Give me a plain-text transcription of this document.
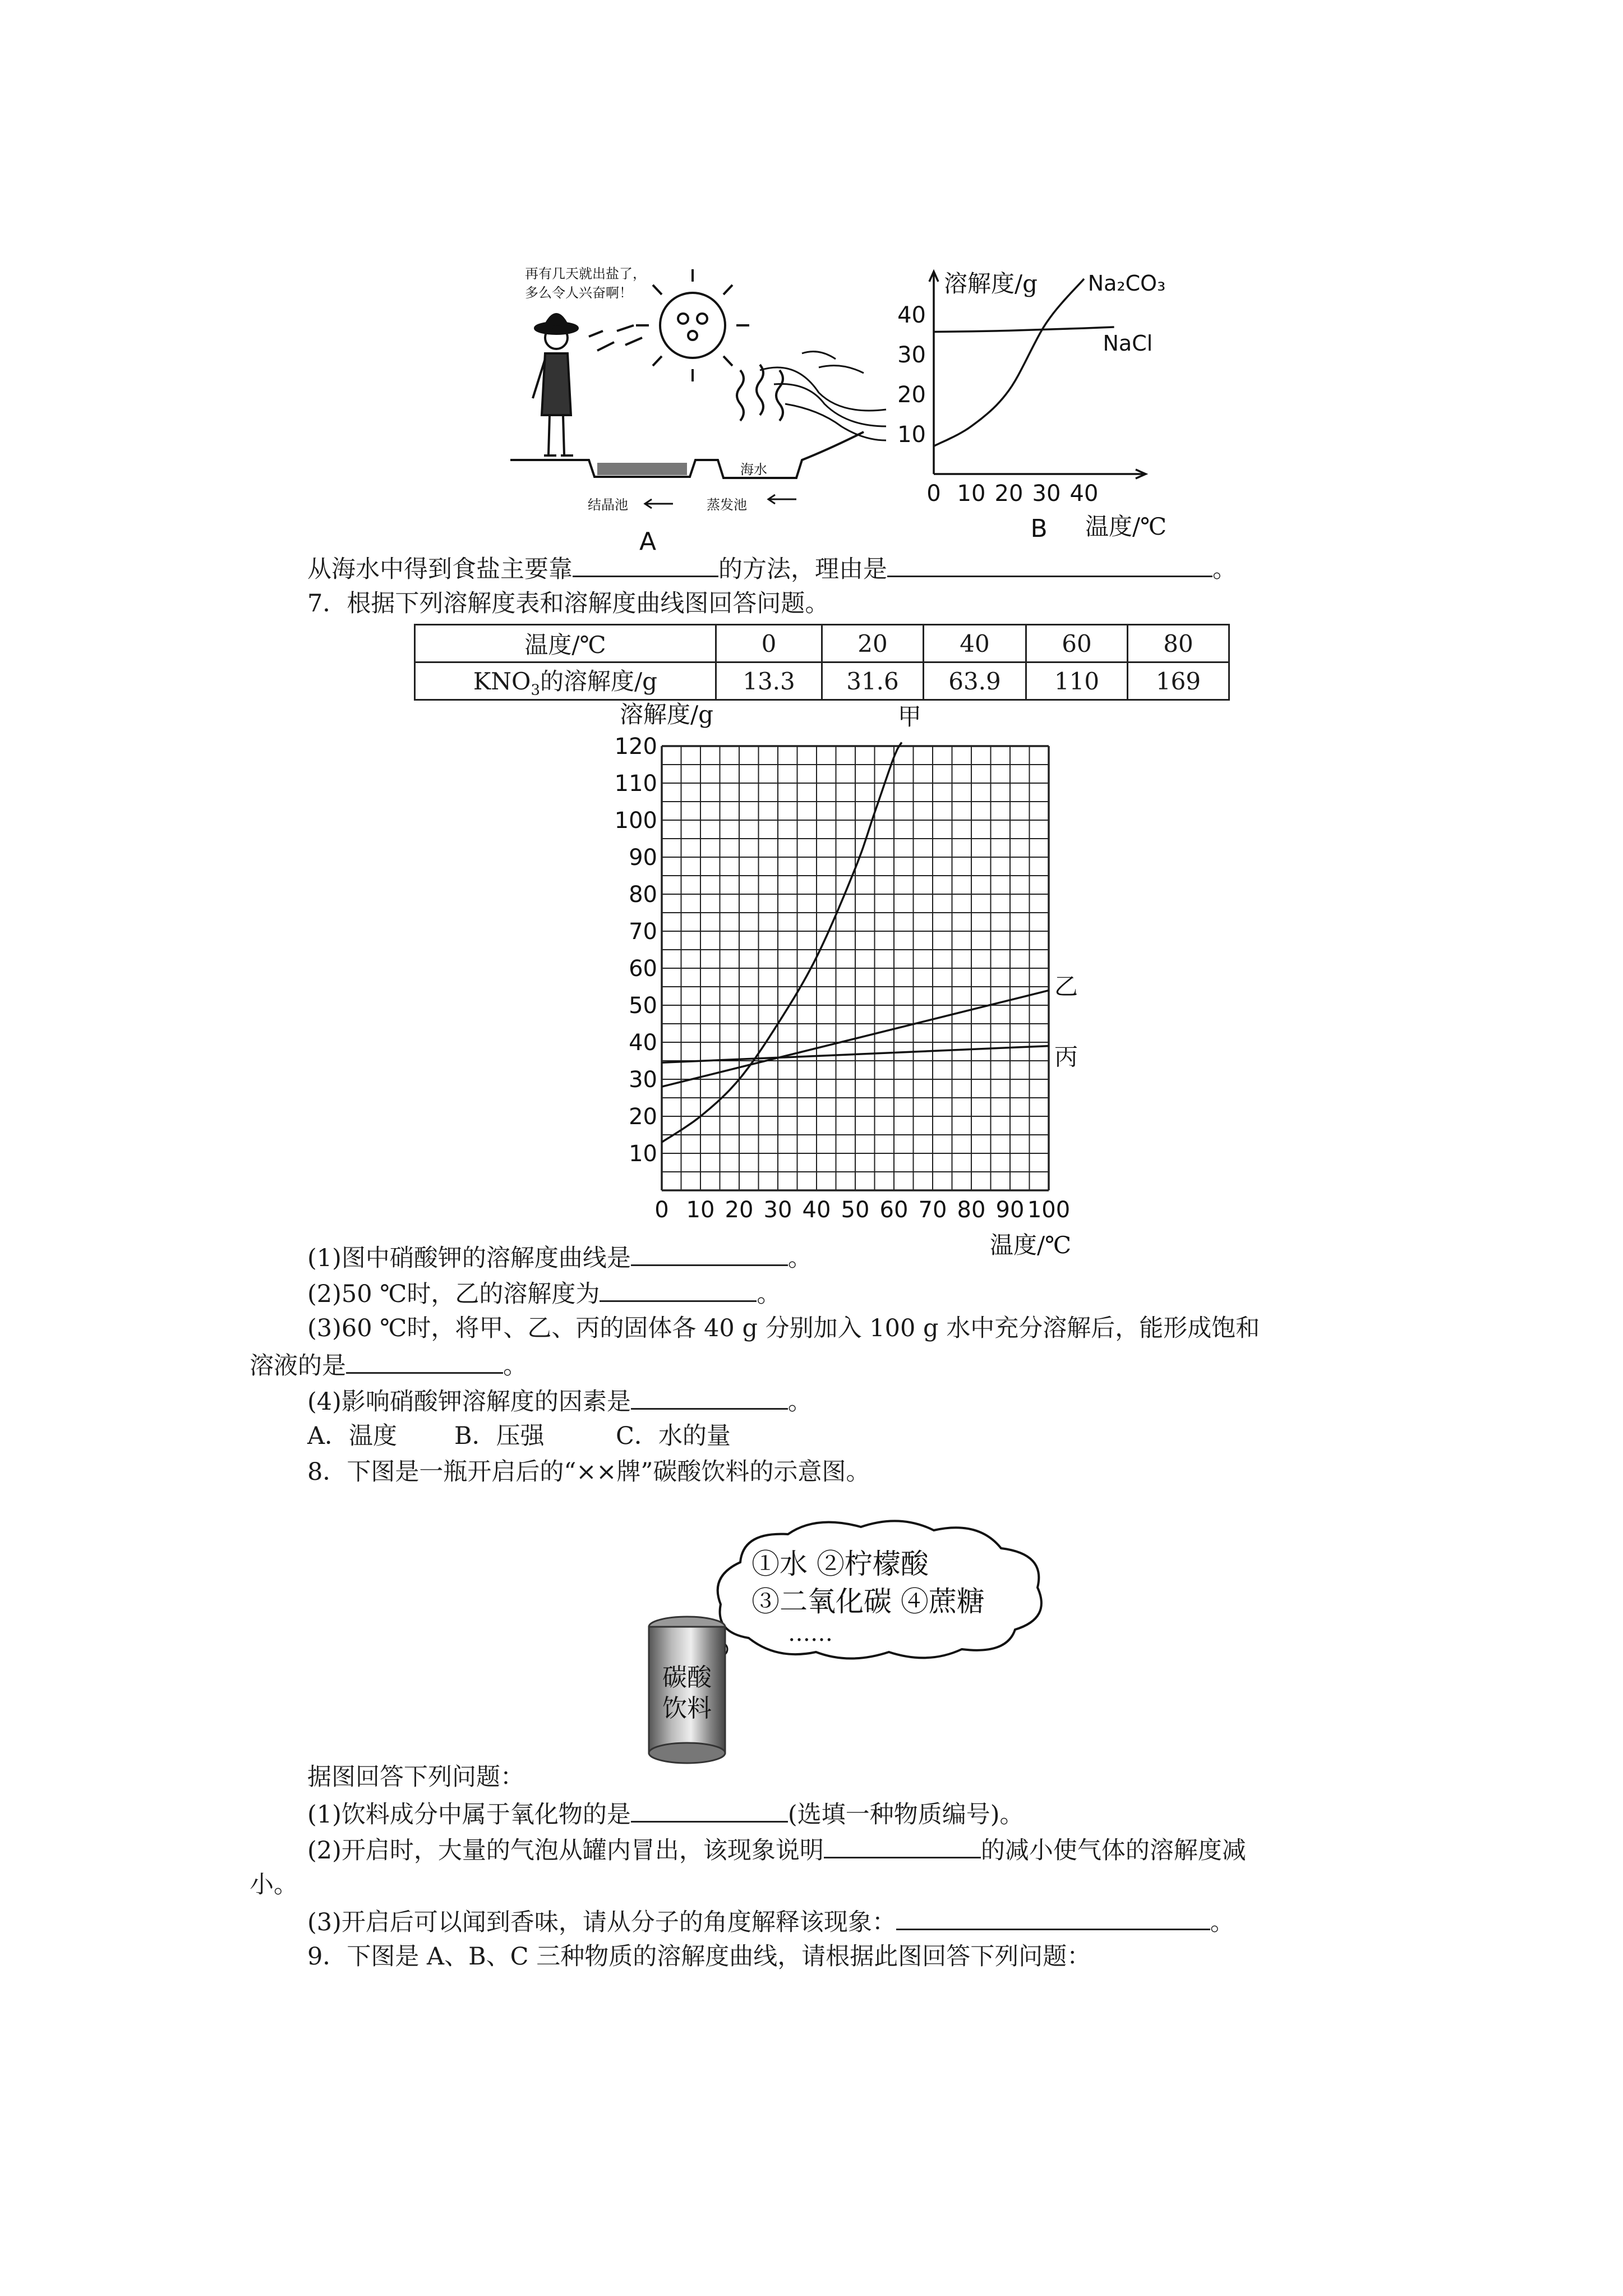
再有几天就出盐了，
多么令人兴奋啊！
海水
结晶池	蒸发池
A
0 10 20 30 40
10
20
30
40
溶解度/g
温度/℃
Na₂CO₃
NaCl
B
从海水中得到食盐主要靠	的方法，理由是	。
7．根据下列溶解度表和溶解度曲线图回答问题。
温度/℃	0	20	40	60	80
$KNO_3$的溶解度/g	13.3	31.6	63.9	110	169
0 10 20 30 40 50 60 70 80 90 100
10
20
30
40
50
60
70
80
90
100
110
120
溶解度/g
温度/℃
甲
乙
丙
(1)图中硝酸钾的溶解度曲线是	。
(2)50 ℃时，乙的溶解度为	。
(3)60 ℃时，将甲、乙、丙的固体各 40 g 分别加入 100 g 水中充分溶解后，能形成饱和
溶液的是	。
(4)影响硝酸钾溶解度的因素是	。
A．温度 B．压强	C．水的量
8．下图是一瓶开启后的“××牌”碳酸饮料的示意图。
①水 ②柠檬酸
③二氧化碳 ④蔗糖
……
碳酸
饮料
据图回答下列问题：
(1)饮料成分中属于氧化物的是	(选填一种物质编号)。
(2)开启时，大量的气泡从罐内冒出，该现象说明	的减小使气体的溶解度减
小。
(3)开启后可以闻到香味，请从分子的角度解释该现象：	。
9．下图是 A、B、C 三种物质的溶解度曲线，请根据此图回答下列问题：
